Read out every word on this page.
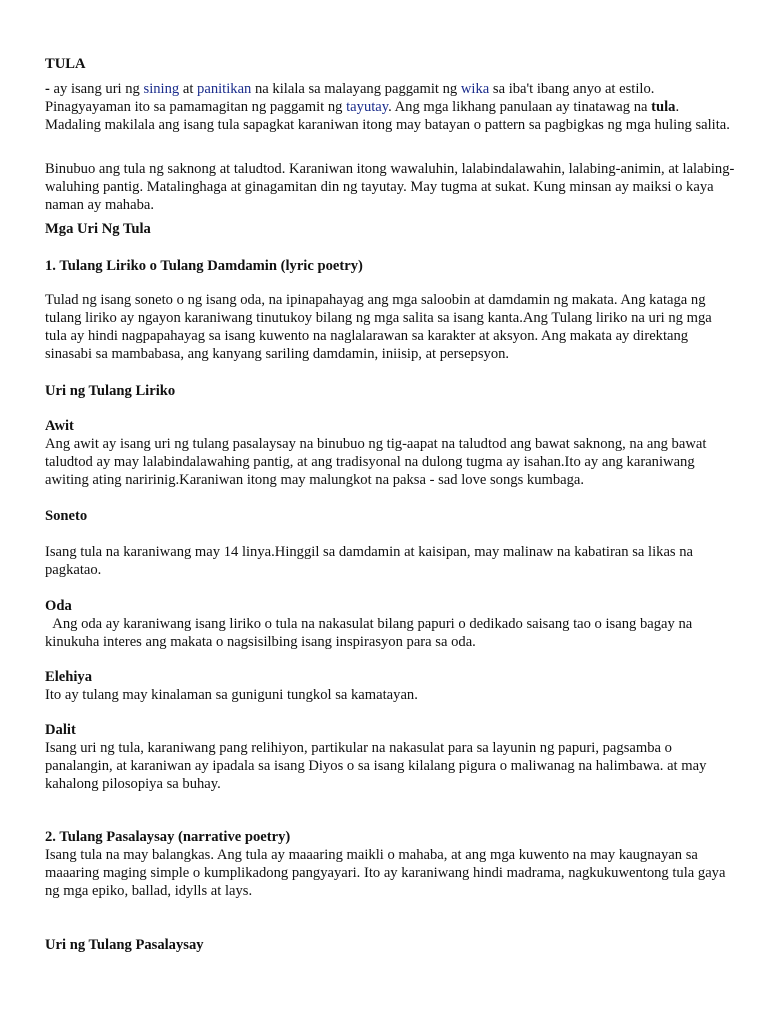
TULA

- ay isang uri ng sining at panitikan na kilala sa malayang paggamit ng wika sa iba't ibang anyo at estilo. Pinagyayaman ito sa pamamagitan ng paggamit ng tayutay. Ang mga likhang panulaan ay tinatawag na tula. Madaling makilala ang isang tula sapagkat karaniwan itong may batayan o pattern sa pagbigkas ng mga huling salita.

Binubuo ang tula ng saknong at taludtod. Karaniwan itong wawaluhin, lalabindalawahin, lalabing-animin, at lalabing-waluhing pantig. Matalinghaga at ginagamitan din ng tayutay. May tugma at sukat. Kung minsan ay maiksi o kaya naman ay mahaba.

Mga Uri Ng Tula
1. Tulang Liriko o Tulang Damdamin (lyric poetry)

Tulad ng isang soneto o ng isang oda, na ipinapahayag ang mga saloobin at damdamin ng makata. Ang kataga ng tulang liriko ay ngayon karaniwang tinutukoy bilang ng mga salita sa isang kanta.Ang Tulang liriko na uri ng mga tula ay hindi nagpapahayag sa isang kuwento na naglalarawan sa karakter at aksyon. Ang makata ay direktang sinasabi sa mambabasa, ang kanyang sariling damdamin, iniisip, at persepsyon.

Uri ng Tulang Liriko
Awit

Ang awit ay isang uri ng tulang pasalaysay na binubuo ng tig-aapat na taludtod ang bawat saknong, na ang bawat taludtod ay may lalabindalawahing pantig, at ang tradisyonal na dulong tugma ay isahan.Ito ay ang karaniwang awiting ating naririnig.Karaniwan itong may malungkot na paksa - sad love songs kumbaga.

Soneto

Isang tula na karaniwang may 14 linya.Hinggil sa damdamin at kaisipan, may malinaw na kabatiran sa likas na pagkatao.

Oda

Ang oda ay karaniwang isang liriko o tula na nakasulat bilang papuri o dedikado saisang tao o isang bagay na kinukuha interes ang makata o nagsisilbing isang inspirasyon para sa oda.

Elehiya

Ito ay tulang may kinalaman sa guniguni tungkol sa kamatayan.

Dalit

Isang uri ng tula, karaniwang pang relihiyon, partikular na nakasulat para sa layunin ng papuri, pagsamba o panalangin, at karaniwan ay ipadala sa isang Diyos o sa isang kilalang pigura o maliwanag na halimbawa. at may kahalong pilosopiya sa buhay.

2. Tulang Pasalaysay (narrative poetry)

Isang tula na may balangkas. Ang tula ay maaaring maikli o mahaba, at ang mga kuwento na may kaugnayan sa maaaring maging simple o kumplikadong pangyayari. Ito ay karaniwang hindi madrama, nagkukuwentong tula gaya ng mga epiko, ballad, idylls at lays.

Uri ng Tulang Pasalaysay
